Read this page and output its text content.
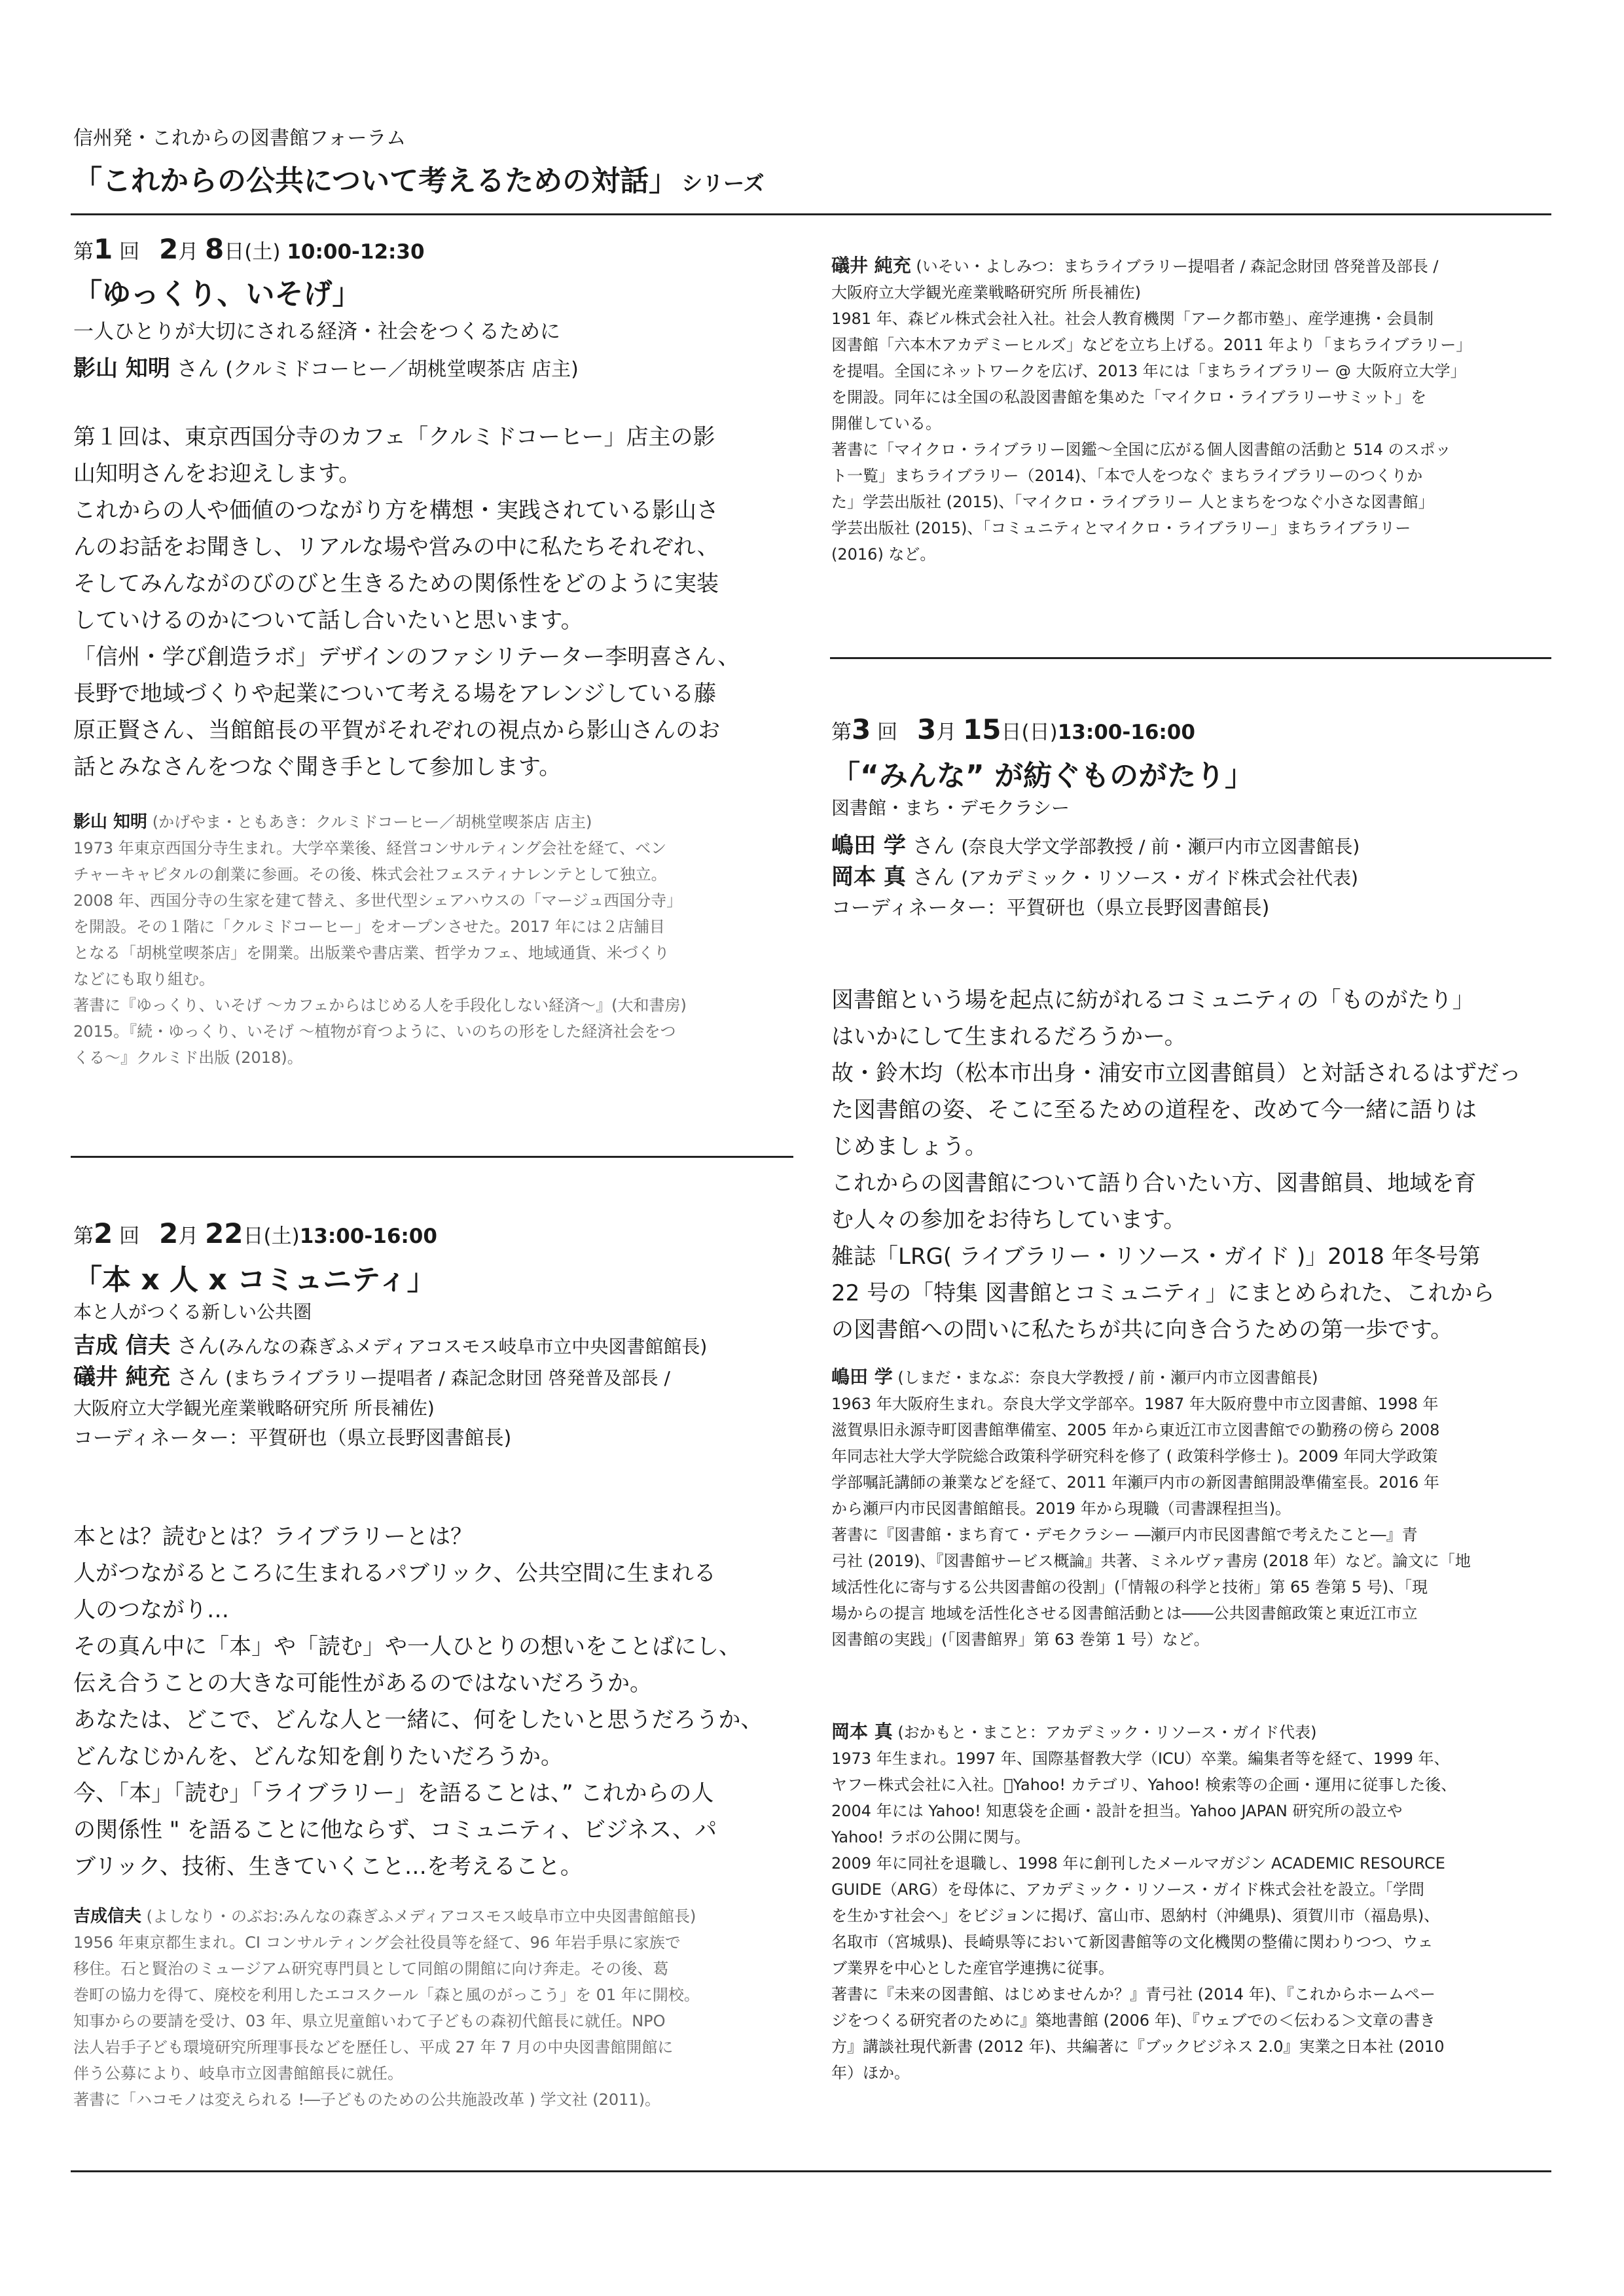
信州発・これからの図書館フォーラム
「これからの公共について考えるための対話」 シリーズ
第1 回 2月 8日(土) 10:00-12:30
「ゆっくり、いそげ」
一人ひとりが大切にされる経済・社会をつくるために
影山 知明 さん (クルミドコーヒー／胡桃堂喫茶店 店主)

第１回は、東京西国分寺のカフェ「クルミドコーヒー」店主の影

山知明さんをお迎えします。

これからの人や価値のつながり方を構想・実践されている影山さ

んのお話をお聞きし、リアルな場や営みの中に私たちそれぞれ、

そしてみんながのびのびと生きるための関係性をどのように実装

していけるのかについて話し合いたいと思います。

「信州・学び創造ラボ」デザインのファシリテーター李明喜さん、

長野で地域づくりや起業について考える場をアレンジしている藤

原正賢さん、当館館長の平賀がそれぞれの視点から影山さんのお

話とみなさんをつなぐ聞き手として参加します。

影山 知明 (かげやま・ともあき：クルミドコーヒー／胡桃堂喫茶店 店主)

1973 年東京西国分寺生まれ。大学卒業後、経営コンサルティング会社を経て、ベン

チャーキャピタルの創業に参画。その後、株式会社フェスティナレンテとして独立。

2008 年、西国分寺の生家を建て替え、多世代型シェアハウスの「マージュ西国分寺」

を開設。その１階に「クルミドコーヒー」をオープンさせた。2017 年には２店舗目

となる「胡桃堂喫茶店」を開業。出版業や書店業、哲学カフェ、地域通貨、米づくり

などにも取り組む。

著書に『ゆっくり、いそげ ～カフェからはじめる人を手段化しない経済～』(大和書房)

2015。『続・ゆっくり、いそげ ～植物が育つように、いのちの形をした経済社会をつ

くる～』クルミド出版 (2018)。

第2 回 2月 22日(土)13:00-16:00
「本 x 人 x コミュニティ」
本と人がつくる新しい公共圏

吉成 信夫 さん(みんなの森ぎふメディアコスモス岐阜市立中央図書館館長)

礒井 純充 さん (まちライブラリー提唱者 / 森記念財団 啓発普及部長 /

大阪府立大学観光産業戦略研究所 所長補佐)

コーディネーター：平賀研也（県立長野図書館長)

本とは？読むとは？ライブラリーとは？

人がつながるところに生まれるパブリック、公共空間に生まれる

人のつながり…

その真ん中に「本」や「読む」や一人ひとりの想いをことばにし、

伝え合うことの大きな可能性があるのではないだろうか。

あなたは、どこで、どんな人と一緒に、何をしたいと思うだろうか、

どんなじかんを、どんな知を創りたいだろうか。

今、「本」「読む」「ライブラリー」を語ることは、” これからの人

の関係性 " を語ることに他ならず、コミュニティ、ビジネス、パ

ブリック、技術、生きていくこと…を考えること。

吉成信夫 (よしなり・のぶお:みんなの森ぎふメディアコスモス岐阜市立中央図書館館長)

1956 年東京都生まれ。CI コンサルティング会社役員等を経て、96 年岩手県に家族で

移住。石と賢治のミュージアム研究専門員として同館の開館に向け奔走。その後、葛

巻町の協力を得て、廃校を利用したエコスクール「森と風のがっこう」を 01 年に開校。

知事からの要請を受け、03 年、県立児童館いわて子どもの森初代館長に就任。NPO

法人岩手子ども環境研究所理事長などを歴任し、平成 27 年 7 月の中央図書館開館に

伴う公募により、岐阜市立図書館館長に就任。

著書に「ハコモノは変えられる !―子どものための公共施設改革 ) 学文社 (2011)。

礒井 純充 (いそい・よしみつ：まちライブラリー提唱者 / 森記念財団 啓発普及部長 /

大阪府立大学観光産業戦略研究所 所長補佐)

1981 年、森ビル株式会社入社。社会人教育機関「アーク都市塾」、産学連携・会員制

図書館「六本木アカデミーヒルズ」などを立ち上げる。2011 年より「まちライブラリー」

を提唱。全国にネットワークを広げ、2013 年には「まちライブラリー @ 大阪府立大学」

を開設。同年には全国の私設図書館を集めた「マイクロ・ライブラリーサミット」を

開催している。

著書に「マイクロ・ライブラリー図鑑～全国に広がる個人図書館の活動と 514 のスポッ

ト一覧」まちライブラリー（2014)、「本で人をつなぐ まちライブラリーのつくりか

た」学芸出版社 (2015)、「マイクロ・ライブラリー 人とまちをつなぐ小さな図書館」

学芸出版社 (2015)、「コミュニティとマイクロ・ライブラリー」まちライブラリー

(2016) など。

第3 回 3月 15日(日)13:00-16:00
「“みんな” が紡ぐものがたり」
図書館・まち・デモクラシー

嶋田 学 さん (奈良大学文学部教授 / 前・瀬戸内市立図書館長)

岡本 真 さん (アカデミック・リソース・ガイド株式会社代表)

コーディネーター：平賀研也（県立長野図書館長)

図書館という場を起点に紡がれるコミュニティの「ものがたり」

はいかにして生まれるだろうかー。

故・鈴木均（松本市出身・浦安市立図書館員）と対話されるはずだっ

た図書館の姿、そこに至るための道程を、改めて今一緒に語りは

じめましょう。

これからの図書館について語り合いたい方、図書館員、地域を育

む人々の参加をお待ちしています。

雑誌「LRG( ライブラリー・リソース・ガイド )」2018 年冬号第

22 号の「特集 図書館とコミュニティ」にまとめられた、これから

の図書館への問いに私たちが共に向き合うための第一歩です。

嶋田 学 (しまだ・まなぶ：奈良大学教授 / 前・瀬戸内市立図書館長)

1963 年大阪府生まれ。奈良大学文学部卒。1987 年大阪府豊中市立図書館、1998 年

滋賀県旧永源寺町図書館準備室、2005 年から東近江市立図書館での勤務の傍ら 2008

年同志社大学大学院総合政策科学研究科を修了 ( 政策科学修士 )。2009 年同大学政策

学部嘱託講師の兼業などを経て、2011 年瀬戸内市の新図書館開設準備室長。2016 年

から瀬戸内市民図書館館長。2019 年から現職（司書課程担当)。

著書に『図書館・まち育て・デモクラシー ―瀬戸内市民図書館で考えたこと―』青

弓社 (2019)、『図書館サービス概論』共著、ミネルヴァ書房 (2018 年）など。論文に「地

域活性化に寄与する公共図書館の役割」(「情報の科学と技術」第 65 巻第 5 号)、「現

場からの提言 地域を活性化させる図書館活動とは――公共図書館政策と東近江市立

図書館の実践」(「図書館界」第 63 巻第 1 号）など。

岡本 真 (おかもと・まこと：アカデミック・リソース・ガイド代表)

1973 年生まれ。1997 年、国際基督教大学（ICU）卒業。編集者等を経て、1999 年、

ヤフー株式会社に入社。􏰀Yahoo! カテゴリ、Yahoo! 検索等の企画・運用に従事した後、

2004 年には Yahoo! 知恵袋を企画・設計を担当。Yahoo JAPAN 研究所の設立や

Yahoo! ラボの公開に関与。

2009 年に同社を退職し、1998 年に創刊したメールマガジン ACADEMIC RESOURCE

GUIDE（ARG）を母体に、アカデミック・リソース・ガイド株式会社を設立。「学問

を生かす社会へ」をビジョンに掲げ、富山市、恩納村（沖縄県)、須賀川市（福島県)、

名取市（宮城県)、長崎県等において新図書館等の文化機関の整備に関わりつつ、ウェ

ブ業界を中心とした産官学連携に従事。

著書に『未来の図書館、はじめませんか？』青弓社 (2014 年)、『これからホームペー

ジをつくる研究者のために』築地書館 (2006 年)、『ウェブでの＜伝わる＞文章の書き

方』講談社現代新書 (2012 年)、共編著に『ブックビジネス 2.0』実業之日本社 (2010

年）ほか。
